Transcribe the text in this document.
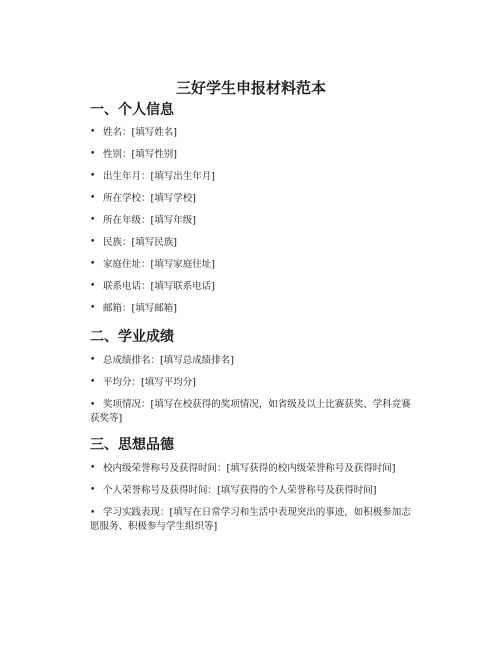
三好学生申报材料范本
一、个人信息
• 姓名：[填写姓名]
• 性别：[填写性别]
• 出生年月：[填写出生年月]
• 所在学校：[填写学校]
• 所在年级：[填写年级]
• 民族：[填写民族]
• 家庭住址：[填写家庭住址]
• 联系电话：[填写联系电话]
• 邮箱：[填写邮箱]
二、学业成绩
• 总成绩排名：[填写总成绩排名]
• 平均分：[填写平均分]
• 奖项情况：[填写在校获得的奖项情况，如省级及以上比赛获奖、学科竞赛获奖等]
三、思想品德
• 校内级荣誉称号及获得时间：[填写获得的校内级荣誉称号及获得时间]
• 个人荣誉称号及获得时间：[填写获得的个人荣誉称号及获得时间]
• 学习实践表现：[填写在日常学习和生活中表现突出的事迹，如积极参加志愿服务、积极参与学生组织等]
